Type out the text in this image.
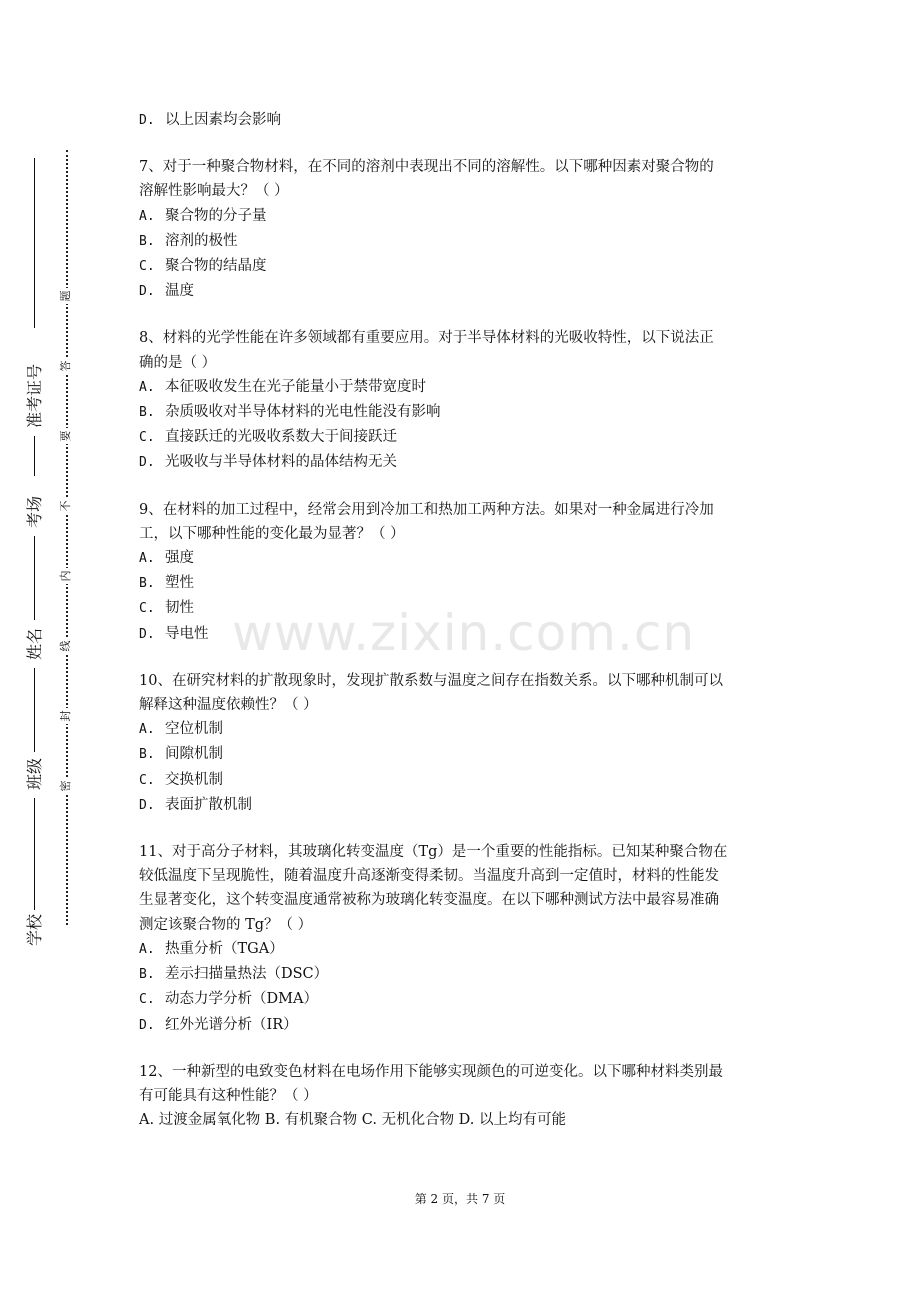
准考证号
考场
姓名
班级
学校
题
答
要
不
内
线
封
密
www.zixin.com.cn
D. 以上因素均会影响
7、对于一种聚合物材料，在不同的溶剂中表现出不同的溶解性。以下哪种因素对聚合物的
溶解性影响最大？（ ）
A. 聚合物的分子量
B. 溶剂的极性
C. 聚合物的结晶度
D. 温度
8、材料的光学性能在许多领域都有重要应用。对于半导体材料的光吸收特性，以下说法正
确的是（ ）
A. 本征吸收发生在光子能量小于禁带宽度时
B. 杂质吸收对半导体材料的光电性能没有影响
C. 直接跃迁的光吸收系数大于间接跃迁
D. 光吸收与半导体材料的晶体结构无关
9、在材料的加工过程中，经常会用到冷加工和热加工两种方法。如果对一种金属进行冷加
工，以下哪种性能的变化最为显著？（ ）
A. 强度
B. 塑性
C. 韧性
D. 导电性
10、在研究材料的扩散现象时，发现扩散系数与温度之间存在指数关系。以下哪种机制可以
解释这种温度依赖性？（ ）
A. 空位机制
B. 间隙机制
C. 交换机制
D. 表面扩散机制
11、对于高分子材料，其玻璃化转变温度（Tg）是一个重要的性能指标。已知某种聚合物在
较低温度下呈现脆性，随着温度升高逐渐变得柔韧。当温度升高到一定值时，材料的性能发
生显著变化，这个转变温度通常被称为玻璃化转变温度。在以下哪种测试方法中最容易准确
测定该聚合物的 Tg？（ ）
A. 热重分析（TGA）
B. 差示扫描量热法（DSC）
C. 动态力学分析（DMA）
D. 红外光谱分析（IR）
12、一种新型的电致变色材料在电场作用下能够实现颜色的可逆变化。以下哪种材料类别最
有可能具有这种性能？（ ）
A. 过渡金属氧化物 B. 有机聚合物 C. 无机化合物 D. 以上均有可能
第 2 页，共 7 页
